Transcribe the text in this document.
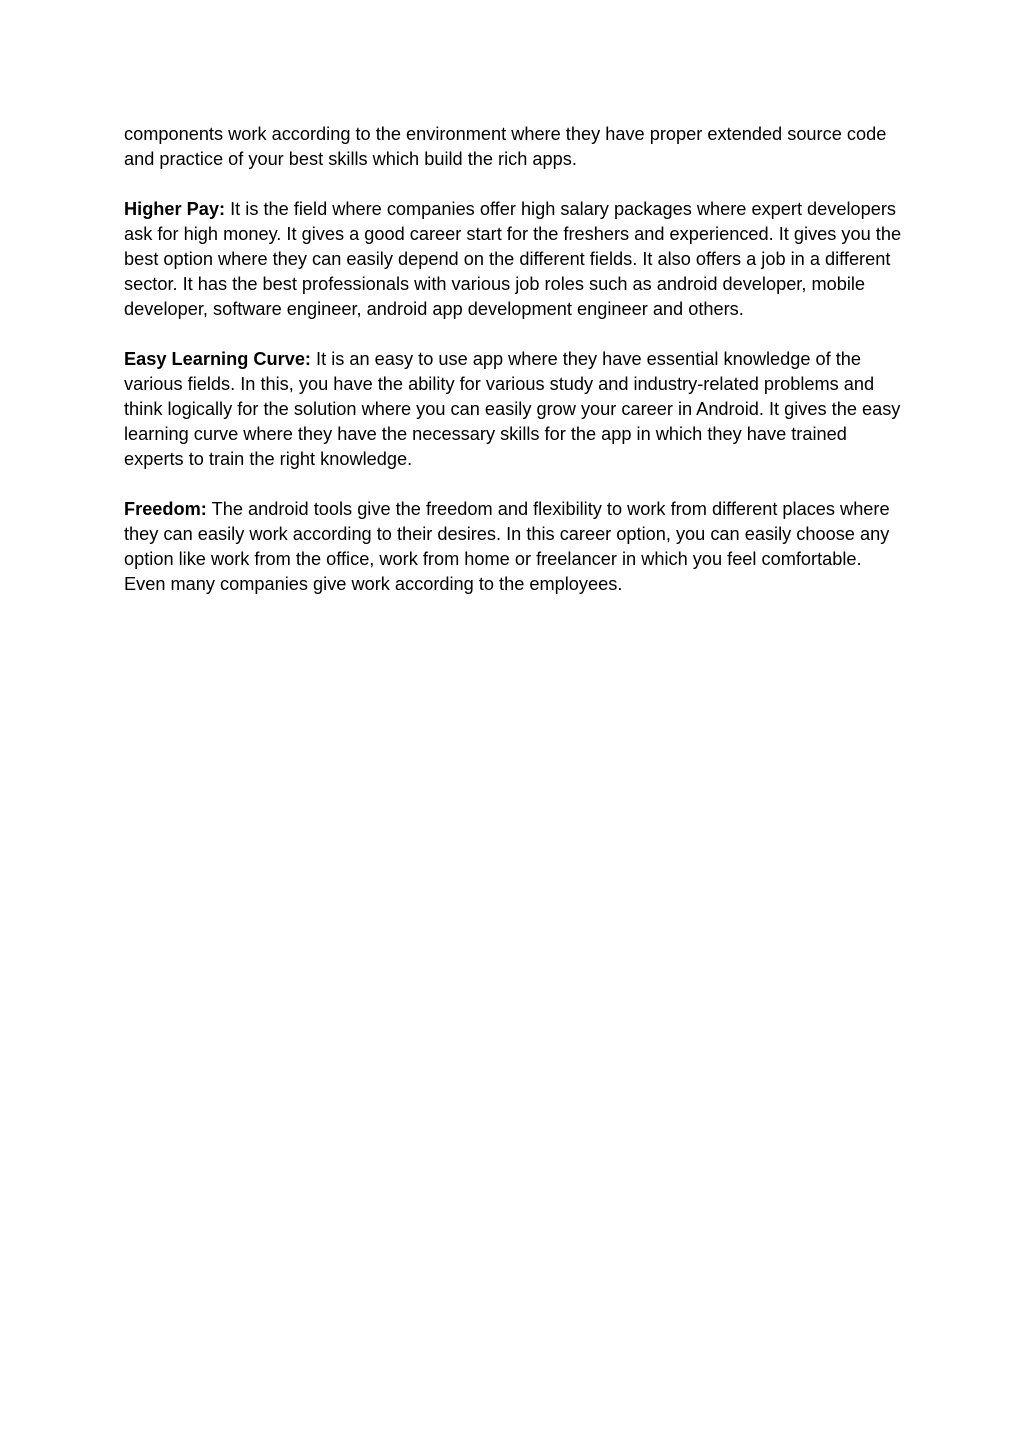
components work according to the environment where they have proper extended source code and practice of your best skills which build the rich apps.

Higher Pay: It is the field where companies offer high salary packages where expert developers ask for high money. It gives a good career start for the freshers and experienced. It gives you the best option where they can easily depend on the different fields. It also offers a job in a different sector. It has the best professionals with various job roles such as android developer, mobile developer, software engineer, android app development engineer and others.

Easy Learning Curve: It is an easy to use app where they have essential knowledge of the various fields. In this, you have the ability for various study and industry-related problems and think logically for the solution where you can easily grow your career in Android. It gives the easy learning curve where they have the necessary skills for the app in which they have trained experts to train the right knowledge.

Freedom: The android tools give the freedom and flexibility to work from different places where they can easily work according to their desires. In this career option, you can easily choose any option like work from the office, work from home or freelancer in which you feel comfortable. Even many companies give work according to the employees.
